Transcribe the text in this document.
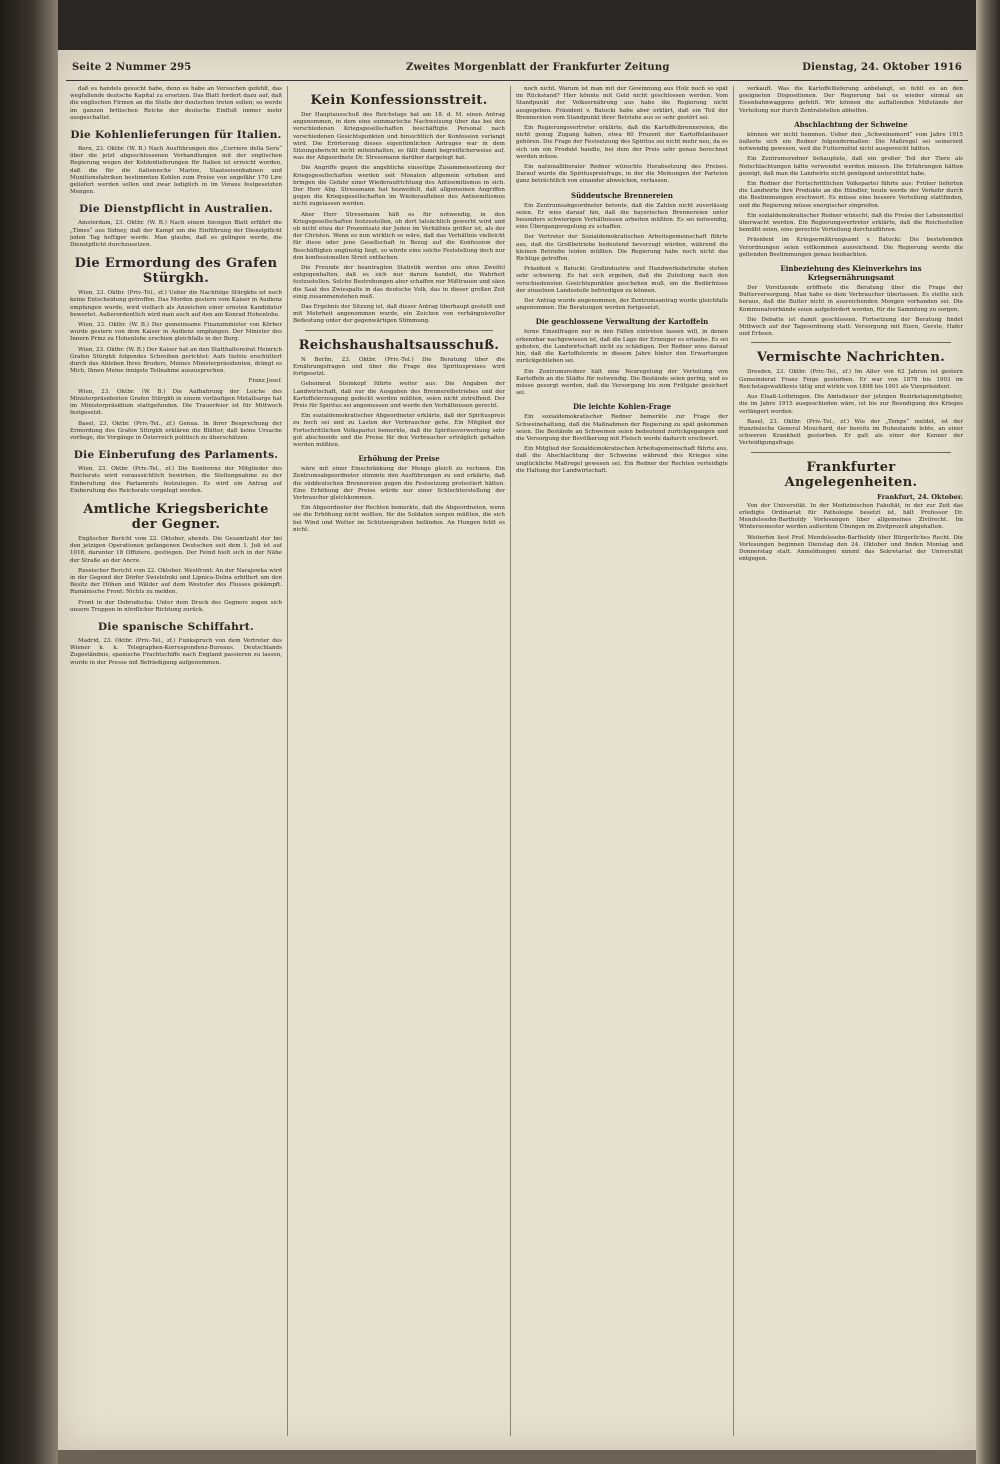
Seite 2 Nummer 295	Zweites Morgenblatt der Frankfurter Zeitung	Dienstag, 24. Oktober 1916

daß es handels gesucht habe, denn es habe an Versuchen gefehlt, das wegfallende deutsche Kapital zu ersetzen. Das Blatt fordert dazu auf, daß die englischen Firmen an die Stelle der deutschen treten sollen; so werde im ganzen britischen Reiche der deutsche Einfluß immer mehr ausgeschaltet.

Die Kohlenlieferungen für Italien.

Bern, 23. Oktbr. (W. B.) Nach Ausführungen des „Corriere della Sera“ über die jetzt abgeschlossenen Verhandlungen mit der englischen Regierung wegen der Kohlenlieferungen für Italien ist erreicht worden, daß die für die italienische Marine, Staatseisenbahnen und Munitionsfabriken bestimmten Kohlen zum Preise von ungefähr 170 Lire geliefert werden sollen und zwar lediglich in im Voraus festgesetzten Mengen.

Die Dienstpflicht in Australien.

Amsterdam, 23. Oktbr. (W. B.) Nach einem hiesigen Blatt erfährt die „Times“ aus Sidney, daß der Kampf um die Einführung der Dienstpflicht jeden Tag heftiger werde. Man glaube, daß es gelingen werde, die Dienstpflicht durchzusetzen.

Die Ermordung des Grafen Stürgkh.

Wien, 23. Oktbr. (Priv.-Tel., zf.) Ueber die Nachfolge Stürgkhs ist noch keine Entscheidung getroffen. Das Morden gestern vom Kaiser in Audienz empfangen wurde, wird vielfach als Anzeichen einer ernsten Kandidatur bewertet. Außerordentlich wird man auch auf den am Konrad Hohenlohe.

Wien, 23. Oktbr. (W. B.) Der gemeinsame Finanzminister von Körber wurde gestern von dem Kaiser in Audienz empfangen. Der Minister des Innern Prinz zu Hohenlohe erschien gleichfalls in der Burg.

Wien, 23. Oktbr. (W. B.) Der Kaiser hat an den Statthaltereirat Heinrich Grafen Stürgkh folgendes Schreiben gerichtet: Aufs tiefste erschüttert durch das Ableben Ihres Bruders, Meines Ministerpräsidenten, drängt es Mich, Ihnen Meine innigste Teilnahme auszusprechen.

Franz Josef.

Wien, 23. Oktbr. (W. B.) Die Aufbahrung der Leiche des Ministerpräsidenten Grafen Stürgkh in einem vorläufigen Metallsarge hat im Ministerpräsidium stattgefunden. Die Trauerfeier ist für Mittwoch festgesetzt.

Basel, 23. Oktbr. (Priv.-Tel., zf.) Genua. In ihrer Besprechung der Ermordung des Grafen Stürgkh erklären die Blätter, daß keine Ursache vorliege, die Vorgänge in Österreich politisch zu überschätzen.

Die Einberufung des Parlaments.

Wien, 23. Oktbr. (Priv.-Tel., zf.) Die Konferenz der Mitglieder des Reichsrats wird voraussichtlich bewirken, die Stellungnahme zu der Einberufung des Parlaments festzulegen. Es wird ein Antrag auf Einberufung des Reichsrats vorgelegt werden.

Amtliche Kriegsberichte der Gegner.

Englischer Bericht vom 22. Oktober, abends. Die Gesamtzahl der bei den jetzigen Operationen gefangenen Deutschen seit dem 1. Juli ist auf 1018, darunter 18 Offiziere, gestiegen. Der Feind hielt sich in der Nähe der Straße an der Ancre.

Russischer Bericht vom 22. Oktober. Westfront: An der Narajowka wird in der Gegend der Dörfer Swistelniki und Lipnica-Dolna erbittert um den Besitz der Höhen und Wälder auf dem Westufer des Flusses gekämpft. Rumänische Front: Nichts zu melden.

Front in der Dobrudscha: Unter dem Druck des Gegners zogen sich unsere Truppen in nördlicher Richtung zurück.

Die spanische Schiffahrt.

Madrid, 23. Oktbr. (Priv.-Tel., zf.) Funkspruch von dem Vertreter des Wiener k. k. Telegraphen-Korrespondenz-Bureaus. Deutschlands Zugeständnis, spanische Frachtschiffe nach England passieren zu lassen, wurde in der Presse mit Befriedigung aufgenommen.

Kein Konfessionsstreit.

Der Hauptausschuß des Reichstags hat am 18. d. M. einen Antrag angenommen, in dem eine summarische Nachweisung über das bei den verschiedenen Kriegsgesellschaften beschäftigte Personal nach verschiedenen Gesichtspunkten und hinsichtlich der Konfession verlangt wird. Die Erörterung dieses eigentümlichen Antrages war in dem Sitzungsbericht nicht miteinhalten, es fällt damit begreiflicherweise auf, was der Abgeordnete Dr. Stresemann darüber dargelegt hat.

Die Angriffe gegen die angebliche einseitige Zusammensetzung der Kriegsgesellschaften werden seit Monaten allgemein erhoben und bringen die Gefahr einer Wiederaufrichtung des Antisemitismus in sich. Der Herr Abg. Stresemann hat bezweifelt, daß allgemeinen Angriffen gegen die Kriegsgesellschaften im Wiederaufleben des Antisemitismus nicht zugelassen werden.

Aber Herr Stresemann hält es für notwendig, in den Kriegsgesellschaften festzustellen, ob dort tatsächlich gewerbt wird und ob nicht etwa der Prozentsatz der Juden im Verhältnis größer ist, als der der Christen. Wenn es nun wirklich so wäre, daß das Verhältnis vielleicht für diese oder jene Gesellschaft in Bezug auf die Konfession der Beschäftigten ungünstig liegt, so würde eine solche Feststellung doch nur den konfessionellen Streit entfachen.

Die Freunde der beantragten Statistik werden uns ohne Zweifel entgegenhalten, daß es sich nur darum handelt, die Wahrheit festzustellen. Solche Bestrebungen aber schaffen nur Mißtrauen und säen die Saat des Zwiespalts in das deutsche Volk, das in dieser großen Zeit einig zusammenstehen muß.

Das Ergebnis der Sitzung ist, daß dieser Antrag überhaupt gestellt und mit Mehrheit angenommen wurde, ein Zeichen von verhängnisvoller Bedeutung unter der gegenwärtigen Stimmung.

Reichshaushaltsausschuß.

N Berlin, 23. Oktbr. (Priv.-Tel.) Die Beratung über die Ernährungsfragen und über die Frage des Spirituspreises wird fortgesetzt.

Geheimrat Steinkopf führte weiter aus: Die Angaben der Landwirtschaft, daß nur die Ausgaben des Brennereibetriebes und der Kartoffelerzeugung gedeckt werden müßten, seien nicht zutreffend. Der Preis für Spiritus sei angemessen und werde den Verhältnissen gerecht.

Ein sozialdemokratischer Abgeordneter erklärte, daß der Spirituspreis zu hoch sei und zu Lasten der Verbraucher gehe. Ein Mitglied der Fortschrittlichen Volkspartei bemerkte, daß die Spiritusverwertung sehr gut abschneide und die Preise für den Verbraucher erträglich gehalten werden müßten.

Erhöhung der Preise

wäre mit einer Einschränkung der Menge gleich zu rechnen. Ein Zentrumsabgeordneter stimmte den Ausführungen zu und erklärte, daß die süddeutschen Brennereien gegen die Festsetzung protestiert hätten. Eine Erhöhung der Preise würde nur einer Schlechterstellung der Verbraucher gleichkommen.

Ein Abgeordneter der Rechten bemerkte, daß die Abgeordneten, wenn sie die Erhöhung nicht wollten, für die Soldaten sorgen müßten, die sich bei Wind und Wetter im Schützengraben befänden. An Hungen fehlt es nicht.

noch nicht. Warum ist man mit der Gewinnung aus Holz noch so spät im Rückstand? Hier könnte mit Geld nicht geschlossen werden. Vom Standpunkt der Volksernährung aus habe die Regierung nicht ausgegeben. Präsident v. Batocki habe aber erklärt, daß ein Teil der Brennereien vom Standpunkt ihrer Betriebe aus so sehr gestört sei.

Ein Regierungsvertreter erklärte, daß die Kartoffelbrennereien, die nicht genug Zugang haben, etwa 60 Prozent der Kartoffelanbauer gehören. Die Frage der Festsetzung des Spiritus sei nicht mehr neu, da es sich um ein Produkt handle, bei dem der Preis sehr genau berechnet werden müsse.

Ein nationalliberaler Redner wünschte Herabsetzung des Preises. Darauf wurde die Spirituspreisfrage, in der die Meinungen der Parteien ganz beträchtlich von einander abweichen, verlassen.

Süddeutsche Brennereien

Ein Zentrumsabgeordneter betonte, daß die Zahlen nicht zuverlässig seien. Er wies darauf hin, daß die bayerischen Brennereien unter besonders schwierigen Verhältnissen arbeiten müßten. Es sei notwendig, eine Übergangsregelung zu schaffen.

Der Vertreter der Sozialdemokratischen Arbeitsgemeinschaft führte aus, daß die Großbetriebe bedeutend bevorzugt würden, während die kleinen Betriebe leiden müßten. Die Regierung habe noch nicht das Richtige getroffen.

Präsident v. Batocki: Großindustrie und Handwerksbetriebe stehen sehr schwierig. Es hat sich ergeben, daß die Zuteilung nach den verschiedensten Gesichtspunkten geschehen muß, um die Bedürfnisse der einzelnen Landesteile befriedigen zu können.

Der Antrag wurde angenommen, der Zentrumsantrag wurde gleichfalls angenommen. Die Beratungen werden fortgesetzt.

Die geschlossene Verwaltung der Kartoffeln

ferne Einzelfragen nur in den Fällen eintreten lassen will, in denen erkennbar nachgewiesen ist, daß die Lage der Erzeuger es erlaube. Es sei geboten, die Landwirtschaft nicht zu schädigen. Der Redner wies darauf hin, daß die Kartoffelernte in diesem Jahre hinter den Erwartungen zurückgeblieben sei.

Ein Zentrumsredner hält eine Neuregelung der Verteilung von Kartoffeln an die Städte für notwendig. Die Bestände seien gering, und es müsse gesorgt werden, daß die Versorgung bis zum Frühjahr gesichert sei.

Die leichte Kohlen-Frage

Ein sozialdemokratischer Redner bemerkte zur Frage der Schweinehaltung, daß die Maßnahmen der Regierung zu spät gekommen seien. Die Bestände an Schweinen seien bedeutend zurückgegangen und die Versorgung der Bevölkerung mit Fleisch werde dadurch erschwert.

Ein Mitglied der Sozialdemokratischen Arbeitsgemeinschaft führte aus, daß die Abschlachtung der Schweine während des Krieges eine unglückliche Maßregel gewesen sei. Ein Redner der Rechten verteidigte die Haltung der Landwirtschaft.

verkauft. Was die Kartoffellieferung anbelangt, so fehlt es an den geeigneten Dispositionen. Der Regierung hat es wieder einmal an Eisenbahnwaggons gefehlt. Wir können die auffallenden Mißstände der Verteilung nur durch Zentralstellen abhelfen.

Abschlachtung der Schweine

können wir nicht hemmen. Ueber den „Schweinemord“ vom Jahre 1915 äußerte sich ein Redner folgendermaßen: Die Maßregel sei seinerzeit notwendig gewesen, weil die Futtermittel nicht ausgereicht hätten.

Ein Zentrumsredner behauptete, daß ein großer Teil der Tiere als Notschlachtungen hätte verwendet werden müssen. Die Erfahrungen hätten gezeigt, daß man die Landwirte nicht genügend unterstützt habe.

Ein Redner der Fortschrittlichen Volkspartei führte aus: Früher lieferten die Landwirte ihre Produkte an die Händler, heute werde der Verkehr durch die Bestimmungen erschwert. Es müsse eine bessere Verteilung stattfinden, und die Regierung müsse energischer eingreifen.

Ein sozialdemokratischer Redner wünscht, daß die Preise der Lebensmittel überwacht werden. Ein Regierungsvertreter erklärte, daß die Reichsstellen bemüht seien, eine gerechte Verteilung durchzuführen.

Präsident im Kriegsernährungsamt v. Batocki: Die bestehenden Verordnungen seien vollkommen ausreichend. Die Regierung werde die geltenden Bestimmungen genau beobachten.

Einbeziehung des Kleinverkehrs ins Kriegsernährungsamt

Der Vorsitzende eröffnete die Beratung über die Frage der Butterversorgung. Man habe es dem Verbraucher überlassen. Es stellte sich heraus, daß die Butter nicht in ausreichenden Mengen vorhanden sei. Die Kommunalverbände seien aufgefordert worden, für die Sammlung zu sorgen.

Die Debatte ist damit geschlossen. Fortsetzung der Beratung findet Mittwoch auf der Tagesordnung statt: Versorgung mit Eiern, Gerste, Hafer und Erbsen.

Vermischte Nachrichten.

Dresden, 23. Oktbr. (Priv.-Tel., zf.) Im Alter von 62 Jahren ist gestern Gemeinderat Franz Feige gestorben. Er war von 1878 bis 1903 im Reichstagswahlkreis tätig und wirkte von 1898 bis 1901 als Vizepräsident.

Aus Elsaß-Lothringen. Die Amtsdauer der jetzigen Bezirkstagsmitglieder, die im Jahre 1915 ausgeschieden wäre, ist bis zur Beendigung des Krieges verlängert worden.

Basel, 23. Oktbr. (Priv.-Tel., zf.) Wie der „Temps“ meldet, ist der französische General Mouchard, der bereits im Ruhestande lebte, an einer schweren Krankheit gestorben. Er galt als einer der Kenner der Verteidigungsfrage.

Frankfurter Angelegenheiten.
Frankfurt, 24. Oktober.

Von der Universität. In der Medizinischen Fakultät, in der zur Zeit das erledigte Ordinariat für Pathologie besetzt ist, hält Professor Dr. Mendelssohn-Bartholdy Vorlesungen über allgemeines Zivilrecht. Im Wintersemester werden außerdem Übungen im Zivilprozeß abgehalten.

Weiterhin liest Prof. Mendelssohn-Bartholdy über Bürgerliches Recht. Die Vorlesungen beginnen Dienstag den 24. Oktober und finden Montag und Donnerstag statt. Anmeldungen nimmt das Sekretariat der Universität entgegen.
